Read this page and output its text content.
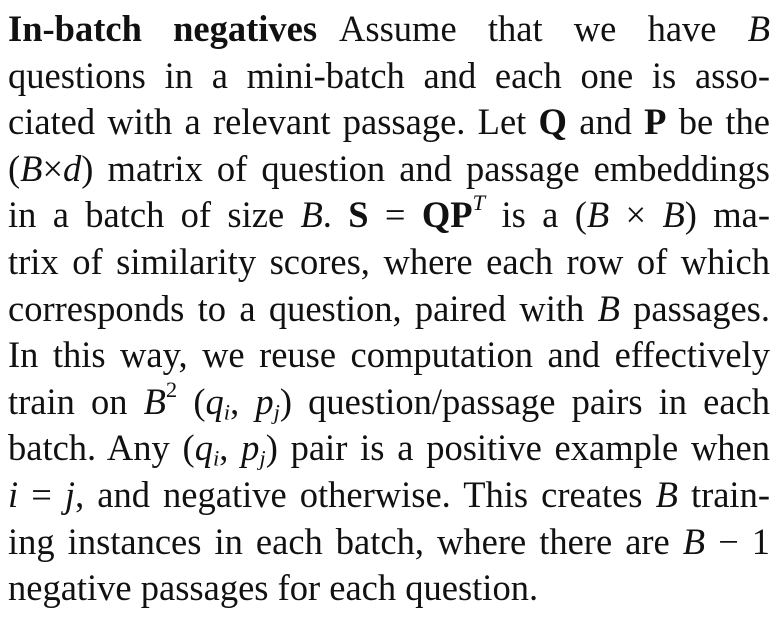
In-batch negatives Assume that we have B
questions in a mini-batch and each one is asso-
ciated with a relevant passage. Let Q and P be the
(B×d) matrix of question and passage embeddings
in a batch of size B. $S = QP^T$ is a (B × B) ma-
trix of similarity scores, where each row of which
corresponds to a question, paired with B passages.
In this way, we reuse computation and effectively
train on $B^2$ ($q_i$, $p_j$) question/passage pairs in each
batch. Any ($q_i$, $p_j$) pair is a positive example when
i = j, and negative otherwise. This creates B train-
ing instances in each batch, where there are B − 1
negative passages for each question.
